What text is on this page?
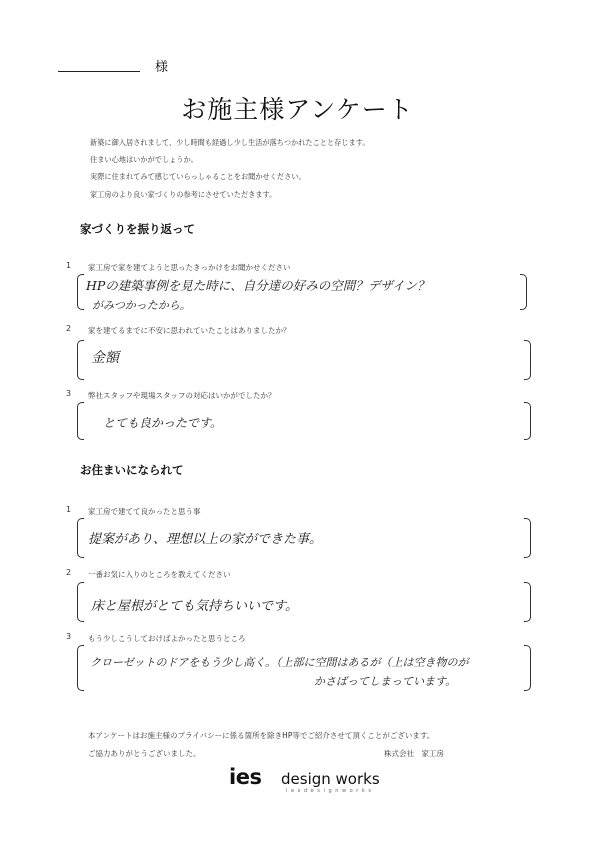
様
お施主様アンケート
新築に御入居されまして、少し時間も経過し少し生活が落ちつかれたことと存じます。
住まい心地はいかがでしょうか。
実際に住まれてみて感じていらっしゃることをお聞かせください。
家工房のより良い家づくりの参考にさせていただきます。
家づくりを振り返って
1 家工房で家を建てようと思ったきっかけをお聞かせください
HPの建築事例を見た時に、自分達の好みの空間？デザイン？
がみつかったから。
2 家を建てるまでに不安に思われていたことはありましたか？
金額
3 弊社スタッフや現場スタッフの対応はいかがでしたか？
とても良かったです。
お住まいになられて
1 家工房で建てて良かったと思う事
提案があり、理想以上の家ができた事。
2 一番お気に入りのところを教えてください
床と屋根がとても気持ちいいです。
3 もう少しこうしておけばよかったと思うところ
クローゼットのドアをもう少し高く。（上部に空間はあるが（上は空き物のが
かさばってしまっています。
本アンケートはお施主様のプライバシーに係る箇所を除きHP等でご紹介させて頂くことがございます。
ご協力ありがとうございました。	株式会社　家工房
ies design works
i e s d e s i g n w o r k s
